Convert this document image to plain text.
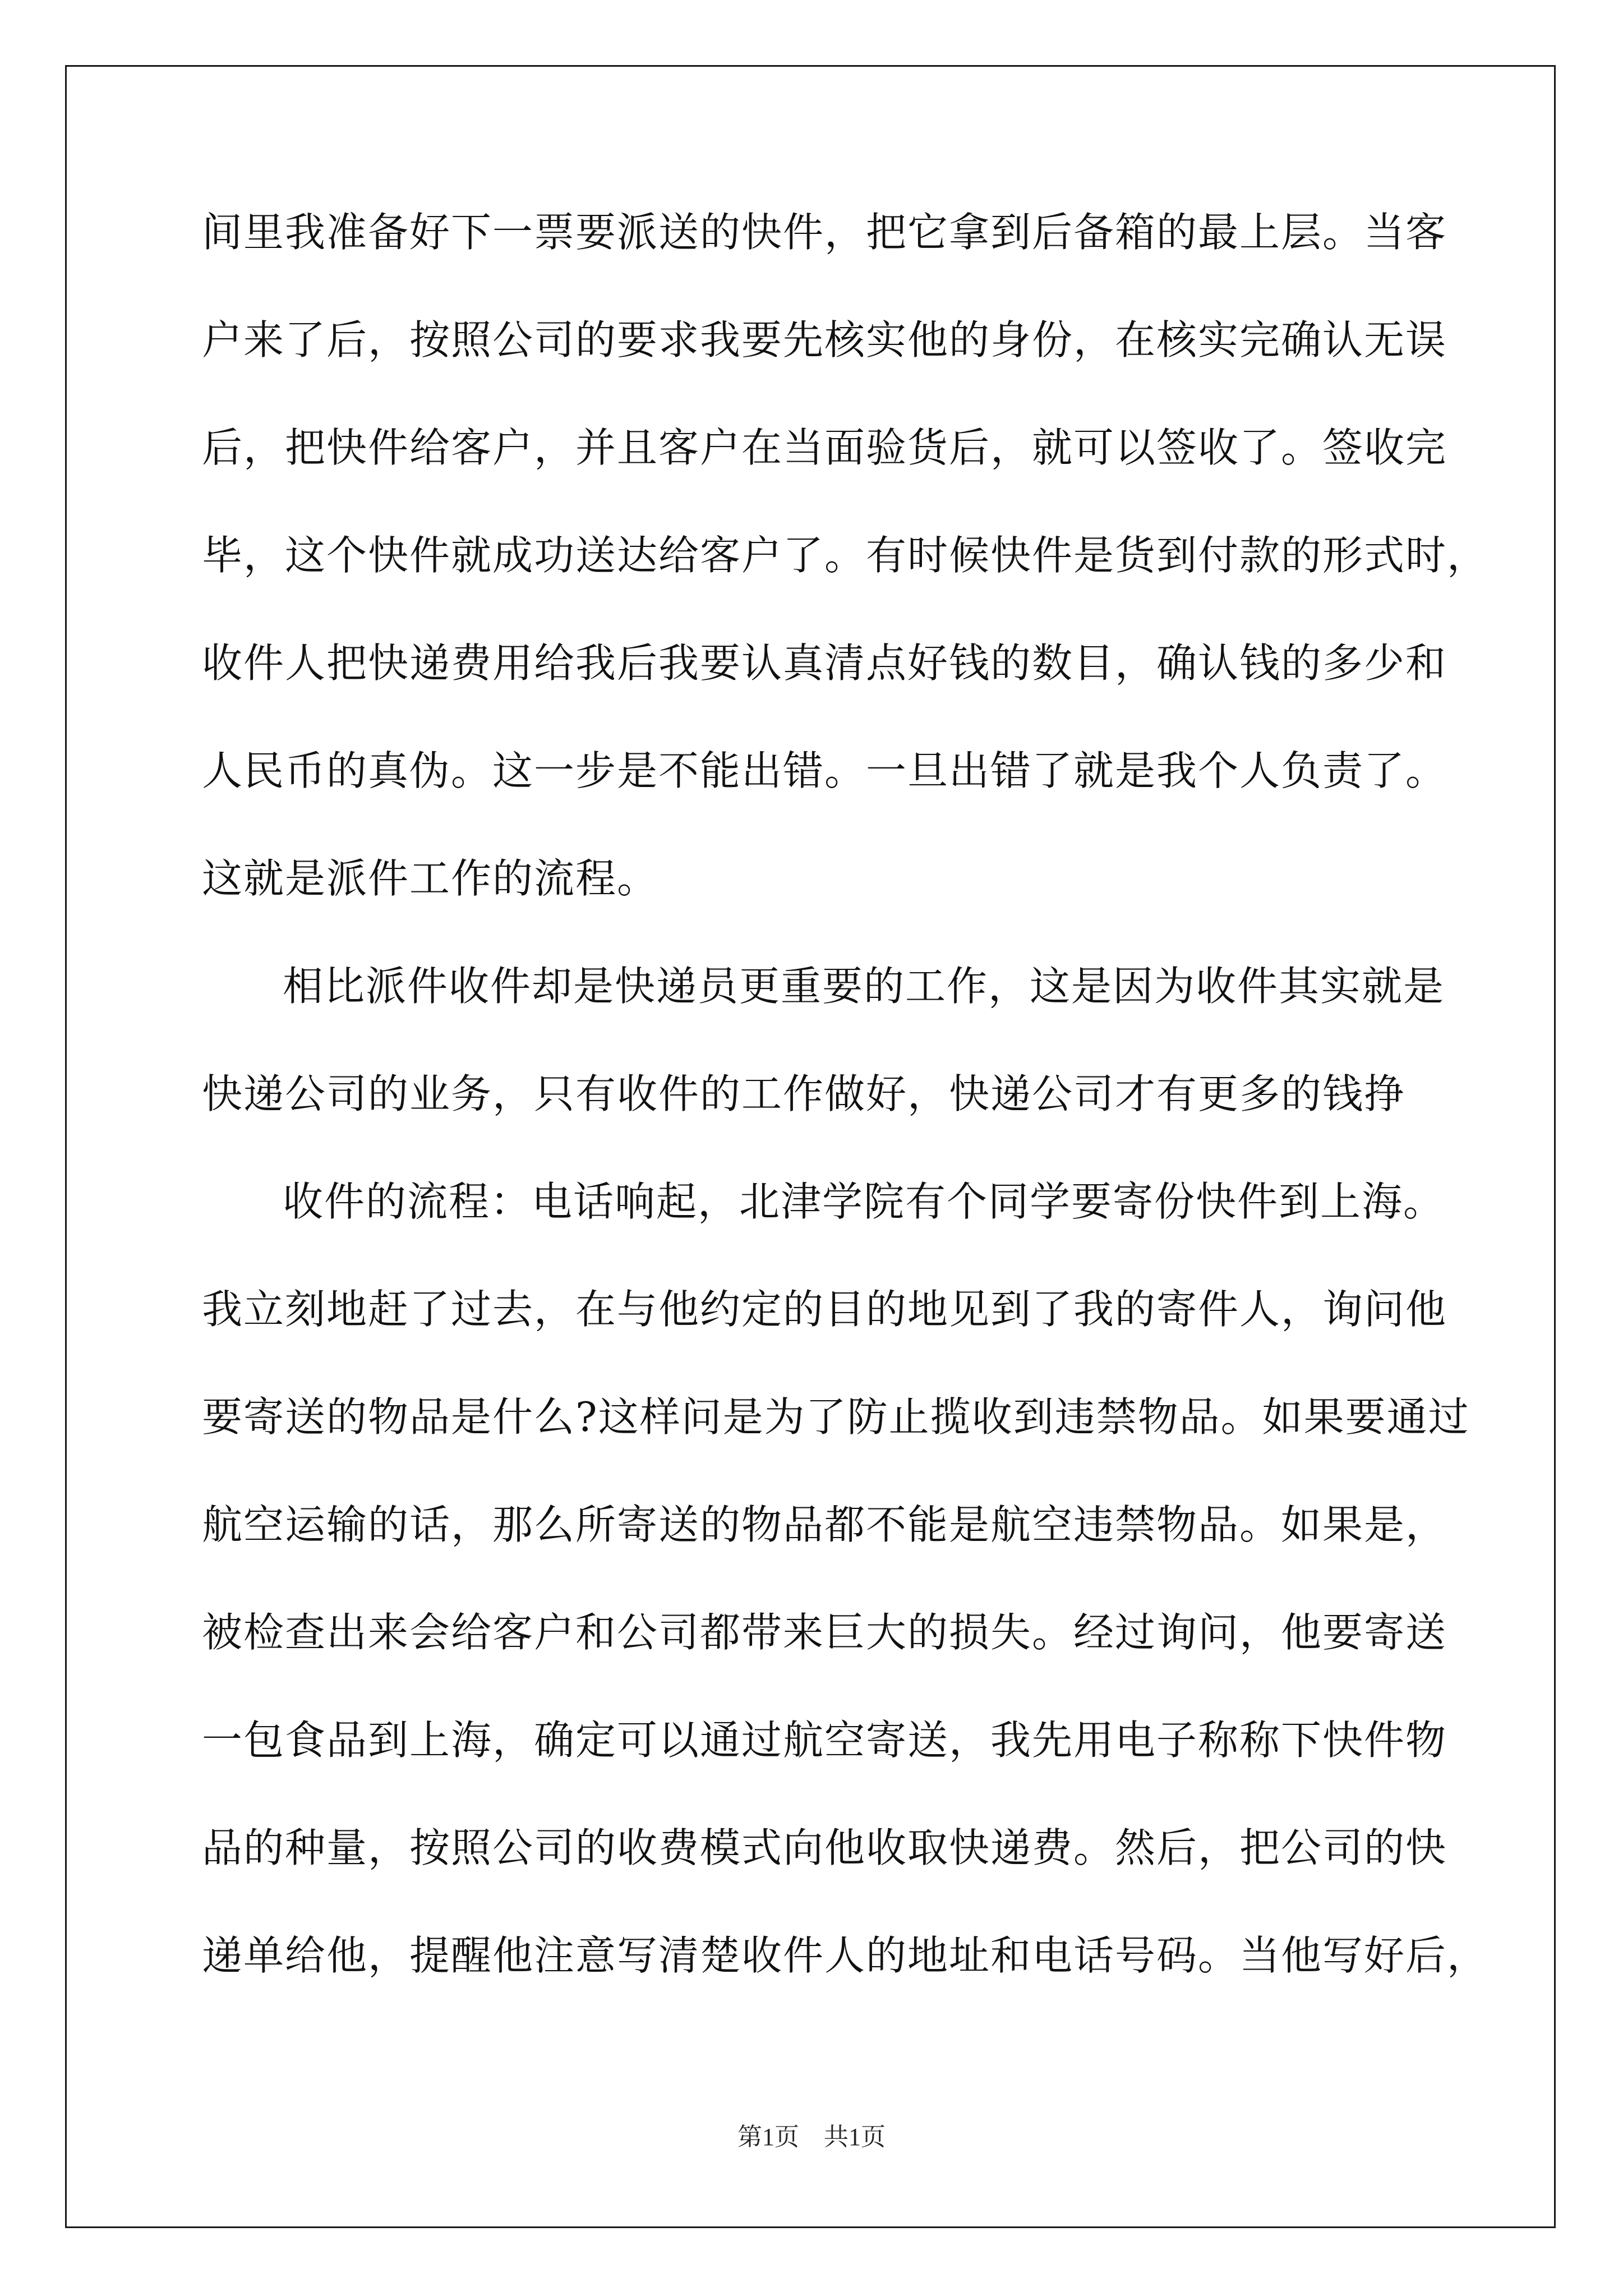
间里我准备好下一票要派送的快件，把它拿到后备箱的最上层。当客
户来了后，按照公司的要求我要先核实他的身份，在核实完确认无误
后，把快件给客户，并且客户在当面验货后，就可以签收了。签收完
毕，这个快件就成功送达给客户了。有时候快件是货到付款的形式时，
收件人把快递费用给我后我要认真清点好钱的数目，确认钱的多少和
人民币的真伪。这一步是不能出错。一旦出错了就是我个人负责了。
这就是派件工作的流程。
相比派件收件却是快递员更重要的工作，这是因为收件其实就是
快递公司的业务，只有收件的工作做好，快递公司才有更多的钱挣
收件的流程：电话响起，北津学院有个同学要寄份快件到上海。
我立刻地赶了过去，在与他约定的目的地见到了我的寄件人，询问他
要寄送的物品是什么?这样问是为了防止揽收到违禁物品。如果要通过
航空运输的话，那么所寄送的物品都不能是航空违禁物品。如果是，
被检查出来会给客户和公司都带来巨大的损失。经过询问，他要寄送
一包食品到上海，确定可以通过航空寄送，我先用电子称称下快件物
品的种量，按照公司的收费模式向他收取快递费。然后，把公司的快
递单给他，提醒他注意写清楚收件人的地址和电话号码。当他写好后，
第1页 共1页
